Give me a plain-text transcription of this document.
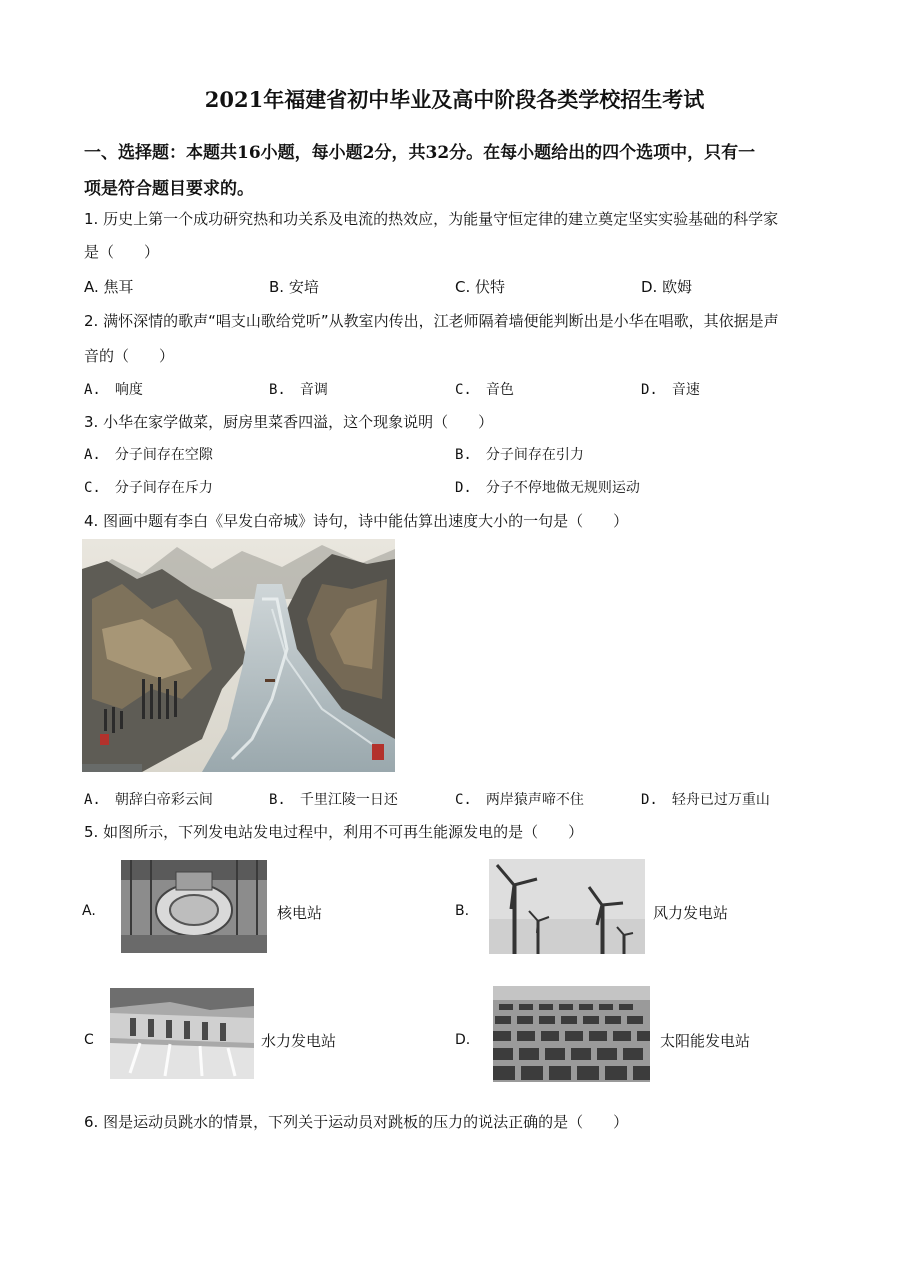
2021年福建省初中毕业及高中阶段各类学校招生考试
一、选择题：本题共16小题，每小题2分，共32分。在每小题给出的四个选项中，只有一
项是符合题目要求的。
1. 历史上第一个成功研究热和功关系及电流的热效应，为能量守恒定律的建立奠定坚实实验基础的科学家
是（　　）
A. 焦耳	B. 安培	C. 伏特	D. 欧姆
2. 满怀深情的歌声“唱支山歌给党听”从教室内传出，江老师隔着墙便能判断出是小华在唱歌，其依据是声
音的（　　）
A.　响度	B.　音调	C.　音色	D.　音速
3. 小华在家学做菜，厨房里菜香四溢，这个现象说明（　　）
A.　分子间存在空隙	B.　分子间存在引力
C.　分子间存在斥力	D.　分子不停地做无规则运动
4. 图画中题有李白《早发白帝城》诗句，诗中能估算出速度大小的一句是（　　）
A.　朝辞白帝彩云间	B.　千里江陵一日还	C.　两岸猿声啼不住	D.　轻舟已过万重山
5. 如图所示，下列发电站发电过程中，利用不可再生能源发电的是（　　）
A.	核电站	B.	风力发电站
C	水力发电站	D.	太阳能发电站
6. 图是运动员跳水的情景，下列关于运动员对跳板的压力的说法正确的是（　　）
